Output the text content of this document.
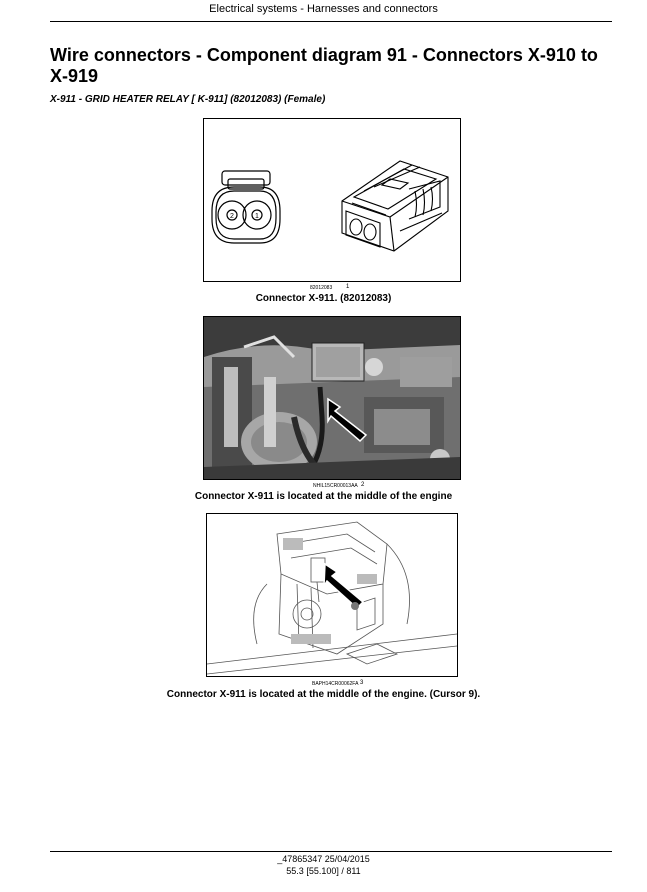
Electrical systems - Harnesses and connectors
Wire connectors - Component diagram 91 - Connectors X-910 to X-919
X-911 - GRID HEATER RELAY [ K-911] (82012083) (Female)
2	1
82012083 1
Connector X-911. (82012083)
NHIL15CR00013AA 2
Connector X-911 is located at the middle of the engine
BAPH14CR00062FA 3
Connector X-911 is located at the middle of the engine. (Cursor 9).
_47865347 25/04/2015
55.3 [55.100] / 811
